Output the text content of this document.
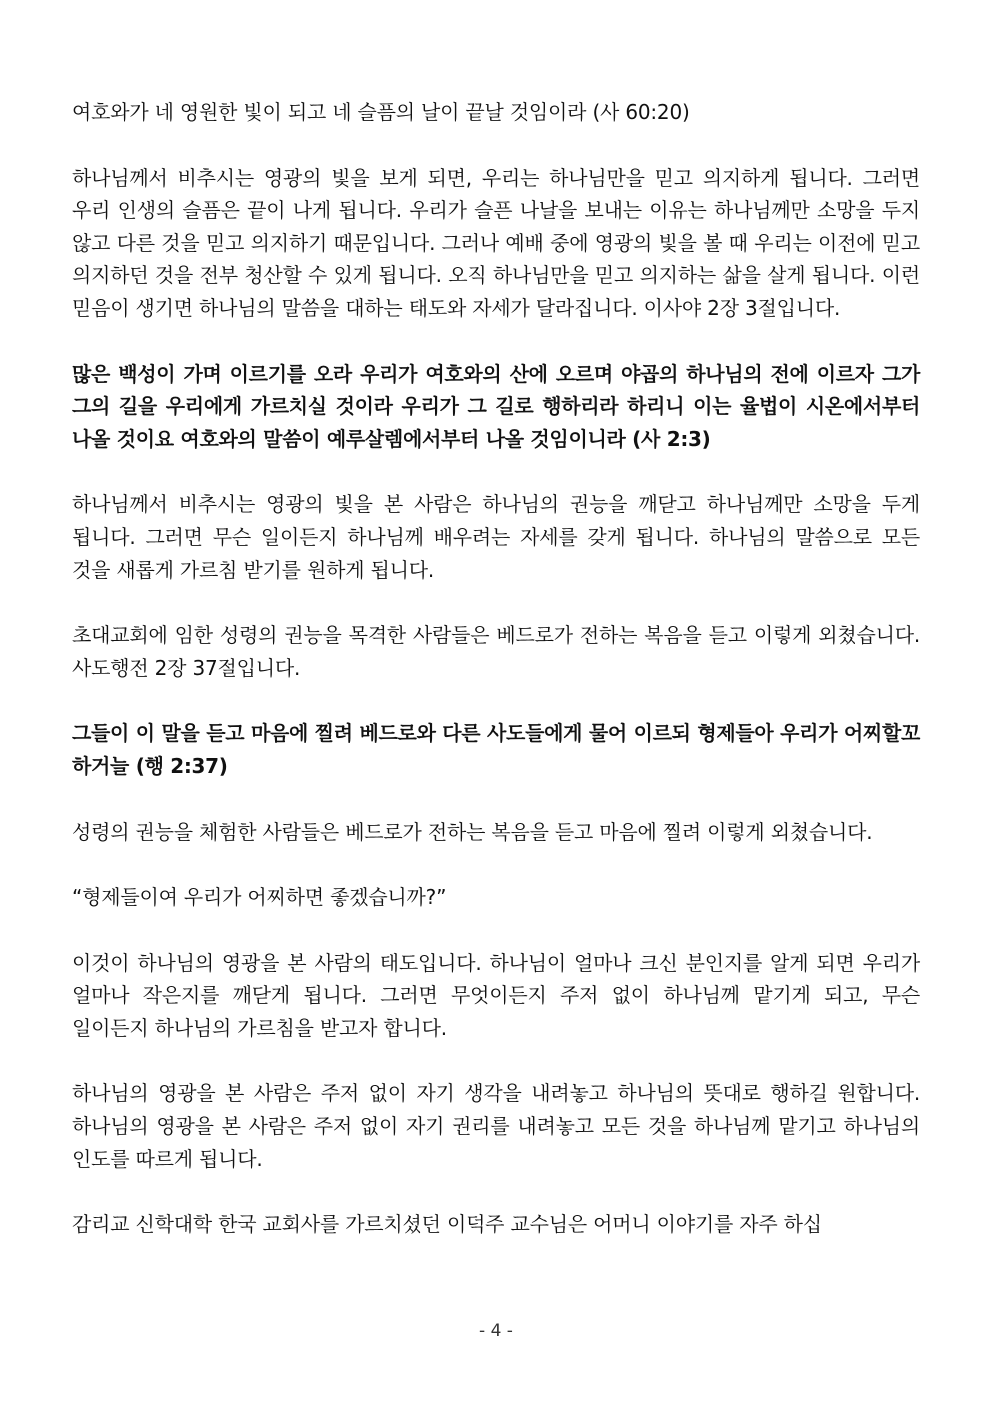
여호와가 네 영원한 빛이 되고 네 슬픔의 날이 끝날 것임이라 (사 60:20)

하나님께서 비추시는 영광의 빛을 보게 되면, 우리는 하나님만을 믿고 의지하게 됩니다. 그러면 우리 인생의 슬픔은 끝이 나게 됩니다. 우리가 슬픈 나날을 보내는 이유는 하나님께만 소망을 두지 않고 다른 것을 믿고 의지하기 때문입니다. 그러나 예배 중에 영광의 빛을 볼 때 우리는 이전에 믿고 의지하던 것을 전부 청산할 수 있게 됩니다. 오직 하나님만을 믿고 의지하는 삶을 살게 됩니다. 이런 믿음이 생기면 하나님의 말씀을 대하는 태도와 자세가 달라집니다. 이사야 2장 3절입니다.

많은 백성이 가며 이르기를 오라 우리가 여호와의 산에 오르며 야곱의 하나님의 전에 이르자 그가 그의 길을 우리에게 가르치실 것이라 우리가 그 길로 행하리라 하리니 이는 율법이 시온에서부터 나올 것이요 여호와의 말씀이 예루살렘에서부터 나올 것임이니라 (사 2:3)

하나님께서 비추시는 영광의 빛을 본 사람은 하나님의 권능을 깨닫고 하나님께만 소망을 두게 됩니다. 그러면 무슨 일이든지 하나님께 배우려는 자세를 갖게 됩니다. 하나님의 말씀으로 모든 것을 새롭게 가르침 받기를 원하게 됩니다.

초대교회에 임한 성령의 권능을 목격한 사람들은 베드로가 전하는 복음을 듣고 이렇게 외쳤습니다. 사도행전 2장 37절입니다.

그들이 이 말을 듣고 마음에 찔려 베드로와 다른 사도들에게 물어 이르되 형제들아 우리가 어찌할꼬 하거늘 (행 2:37)

성령의 권능을 체험한 사람들은 베드로가 전하는 복음을 듣고 마음에 찔려 이렇게 외쳤습니다.

“형제들이여 우리가 어찌하면 좋겠습니까?”

이것이 하나님의 영광을 본 사람의 태도입니다. 하나님이 얼마나 크신 분인지를 알게 되면 우리가 얼마나 작은지를 깨닫게 됩니다. 그러면 무엇이든지 주저 없이 하나님께 맡기게 되고, 무슨 일이든지 하나님의 가르침을 받고자 합니다.

하나님의 영광을 본 사람은 주저 없이 자기 생각을 내려놓고 하나님의 뜻대로 행하길 원합니다. 하나님의 영광을 본 사람은 주저 없이 자기 권리를 내려놓고 모든 것을 하나님께 맡기고 하나님의 인도를 따르게 됩니다.

감리교 신학대학 한국 교회사를 가르치셨던 이덕주 교수님은 어머니 이야기를 자주 하십

- 4 -
